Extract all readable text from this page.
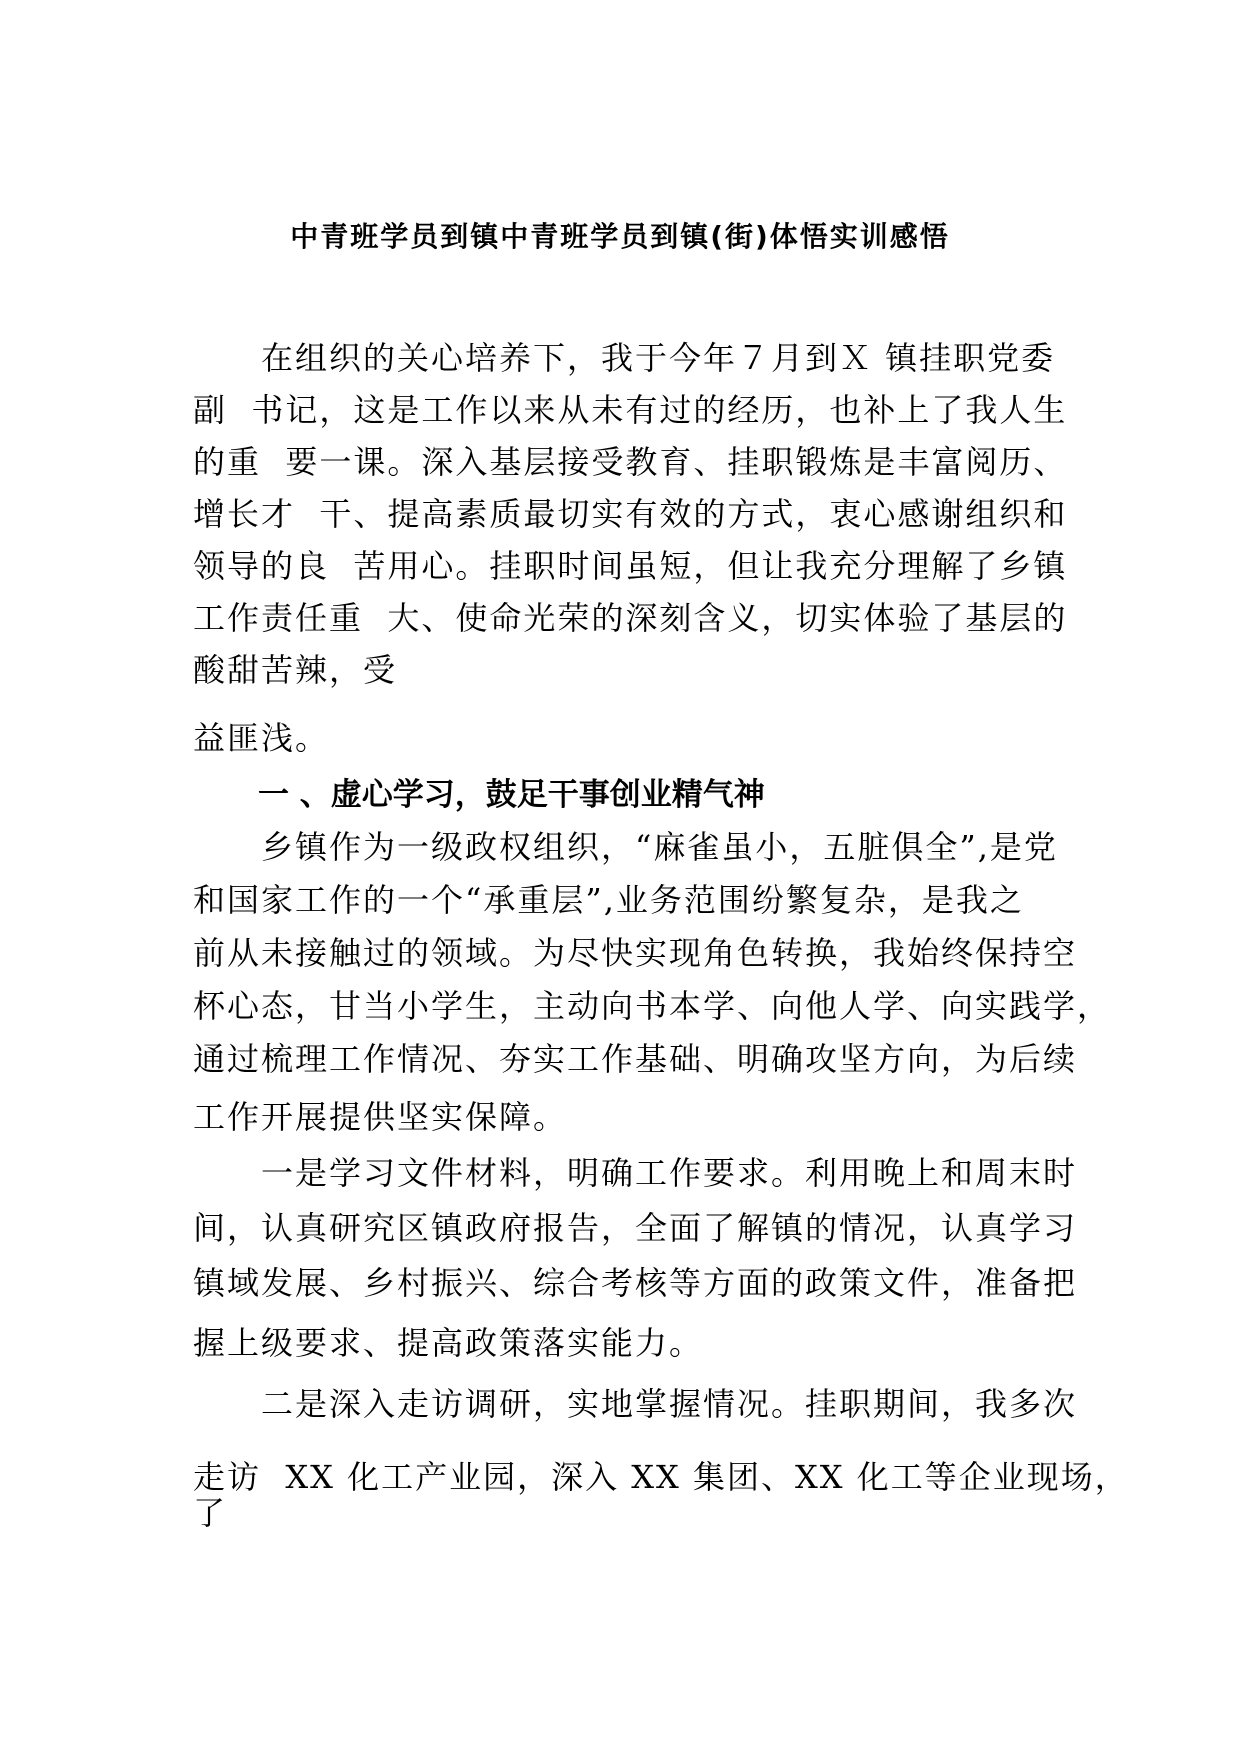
中青班学员到镇中青班学员到镇(街)体悟实训感悟

　　在组织的关心培养下，我于今年７月到Ｘ 镇挂职党委

副  书记，这是工作以来从未有过的经历，也补上了我人生

的重  要一课。深入基层接受教育、挂职锻炼是丰富阅历、

增长才  干、提高素质最切实有效的方式，衷心感谢组织和

领导的良  苦用心。挂职时间虽短，但让我充分理解了乡镇

工作责任重  大、使命光荣的深刻含义，切实体验了基层的

酸甜苦辣，受

益匪浅。

一 、虚心学习，鼓足干事创业精气神

　　乡镇作为一级政权组织，“麻雀虽小，五脏俱全”,是党

和国家工作的一个“承重层”,业务范围纷繁复杂，是我之

前从未接触过的领域。为尽快实现角色转换，我始终保持空

杯心态，甘当小学生，主动向书本学、向他人学、向实践学，

通过梳理工作情况、夯实工作基础、明确攻坚方向，为后续

工作开展提供坚实保障。

　　一是学习文件材料，明确工作要求。利用晚上和周末时

间，认真研究区镇政府报告，全面了解镇的情况，认真学习

镇域发展、乡村振兴、综合考核等方面的政策文件，准备把

握上级要求、提高政策落实能力。

　　二是深入走访调研，实地掌握情况。挂职期间，我多次

走访  XX 化工产业园，深入 XX 集团、XX 化工等企业现场，

了
